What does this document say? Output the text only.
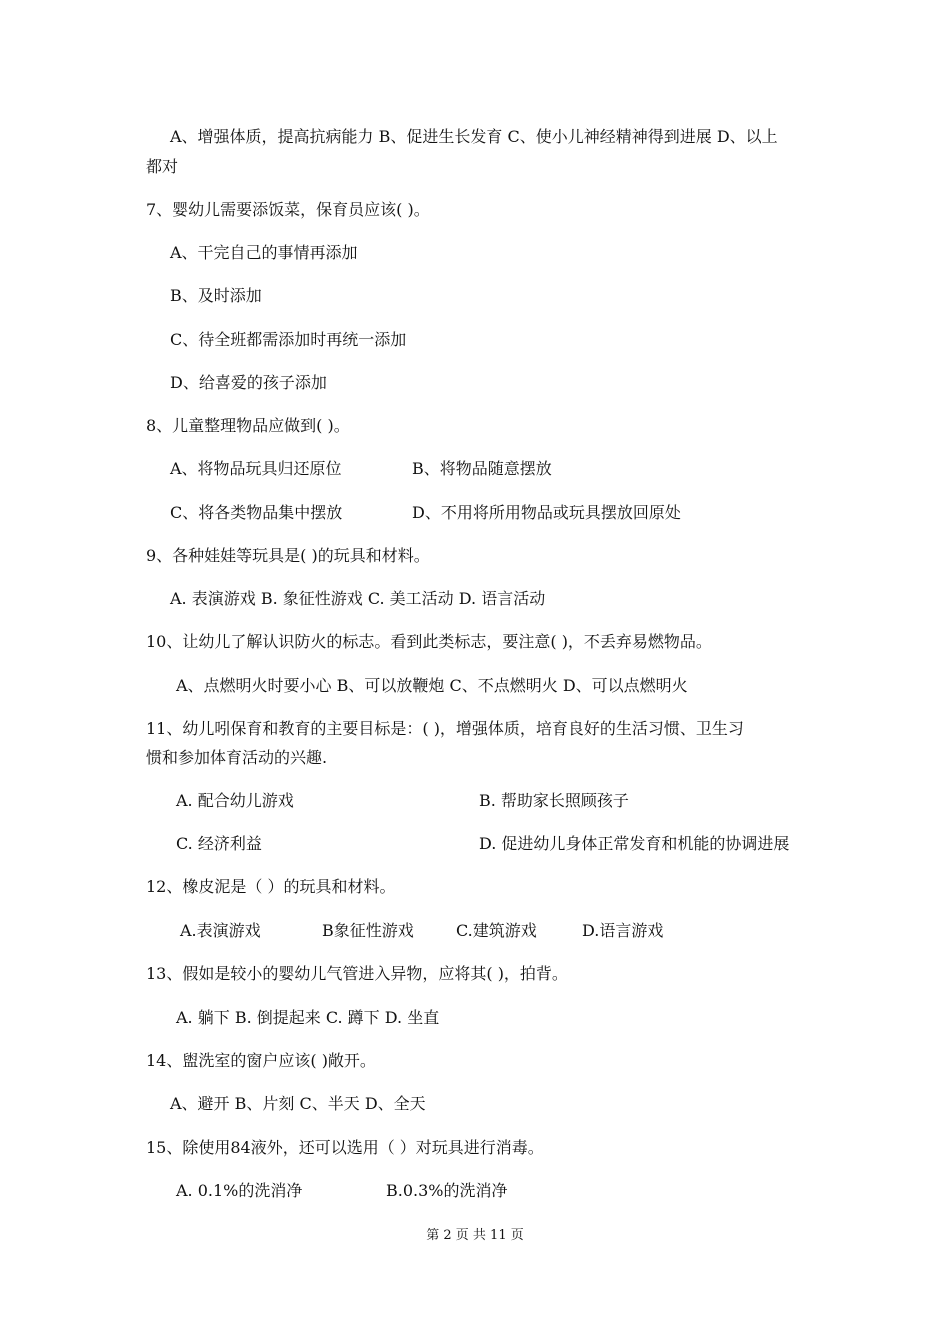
A、增强体质，提高抗病能力 B、促进生长发育 C、使小儿神经精神得到进展 D、以上
都对
7、婴幼儿需要添饭菜，保育员应该( )。
A、干完自己的事情再添加
B、及时添加
C、待全班都需添加时再统一添加
D、给喜爱的孩子添加
8、儿童整理物品应做到( )。
A、将物品玩具归还原位	B、将物品随意摆放
C、将各类物品集中摆放	D、不用将所用物品或玩具摆放回原处
9、各种娃娃等玩具是( )的玩具和材料。
A. 表演游戏 B. 象征性游戏 C. 美工活动 D. 语言活动
10、让幼儿了解认识防火的标志。看到此类标志，要注意( )，不丢弃易燃物品。
A、点燃明火时要小心 B、可以放鞭炮 C、不点燃明火 D、可以点燃明火
11、幼儿吲保育和教育的主要目标是：( )，增强体质，培育良好的生活习惯、卫生习
惯和参加体育活动的兴趣.
A. 配合幼儿游戏	B. 帮助家长照顾孩子
C. 经济利益	D. 促进幼儿身体正常发育和机能的协调进展
12、橡皮泥是（ ）的玩具和材料。
A.表演游戏	B象征性游戏	C.建筑游戏	D.语言游戏
13、假如是较小的婴幼儿气管进入异物，应将其( )，拍背。
A. 躺下 B. 倒提起来 C. 蹲下 D. 坐直
14、盥洗室的窗户应该( )敞开。
A、避开 B、片刻 C、半天 D、全天
15、除使用84液外，还可以选用（ ）对玩具进行消毒。
A. 0.1%的洗消净	B.0.3%的洗消净
第 2 页 共 11 页
